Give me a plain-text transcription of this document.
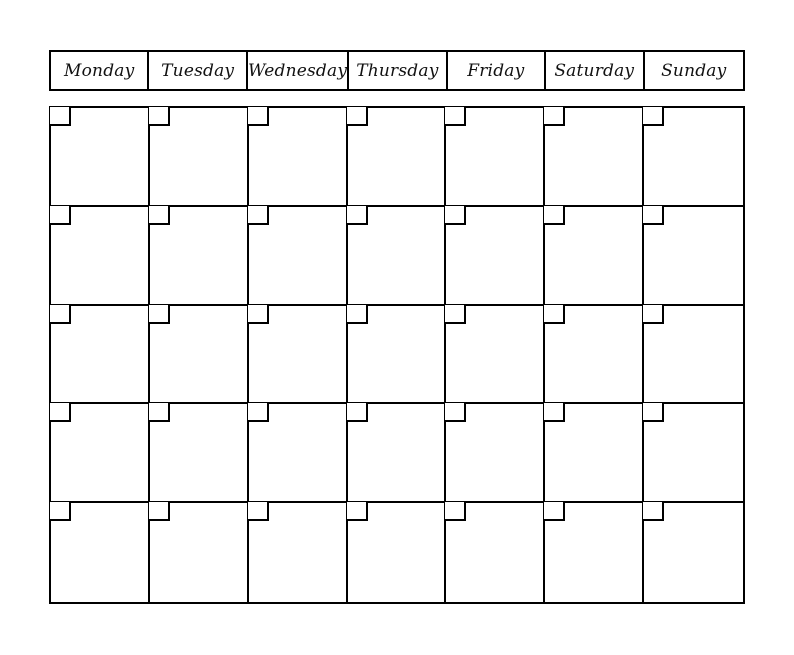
Monday	Tuesday Wednesday Thursday	Friday	Saturday	Sunday
